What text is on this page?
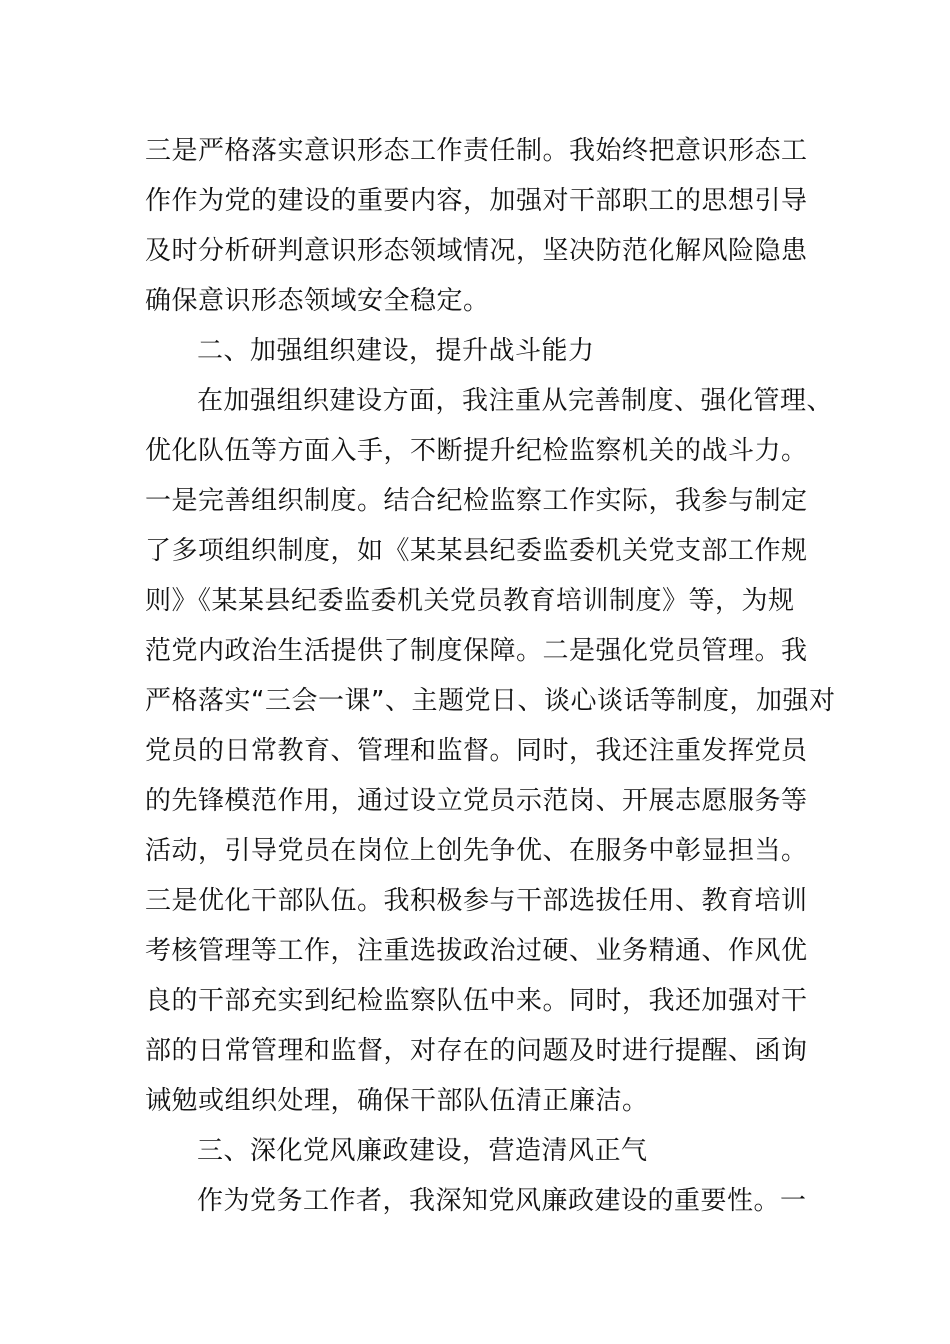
三是严格落实意识形态工作责任制。我始终把意识形态工
作作为党的建设的重要内容，加强对干部职工的思想引导
及时分析研判意识形态领域情况，坚决防范化解风险隐患
确保意识形态领域安全稳定。
二、加强组织建设，提升战斗能力
在加强组织建设方面，我注重从完善制度、强化管理、
优化队伍等方面入手，不断提升纪检监察机关的战斗力。
一是完善组织制度。结合纪检监察工作实际，我参与制定
了多项组织制度，如《某某县纪委监委机关党支部工作规
则》《某某县纪委监委机关党员教育培训制度》等，为规
范党内政治生活提供了制度保障。二是强化党员管理。我
严格落实“三会一课”、主题党日、谈心谈话等制度，加强对
党员的日常教育、管理和监督。同时，我还注重发挥党员
的先锋模范作用，通过设立党员示范岗、开展志愿服务等
活动，引导党员在岗位上创先争优、在服务中彰显担当。
三是优化干部队伍。我积极参与干部选拔任用、教育培训
考核管理等工作，注重选拔政治过硬、业务精通、作风优
良的干部充实到纪检监察队伍中来。同时，我还加强对干
部的日常管理和监督，对存在的问题及时进行提醒、函询
诫勉或组织处理，确保干部队伍清正廉洁。
三、深化党风廉政建设，营造清风正气
作为党务工作者，我深知党风廉政建设的重要性。一
